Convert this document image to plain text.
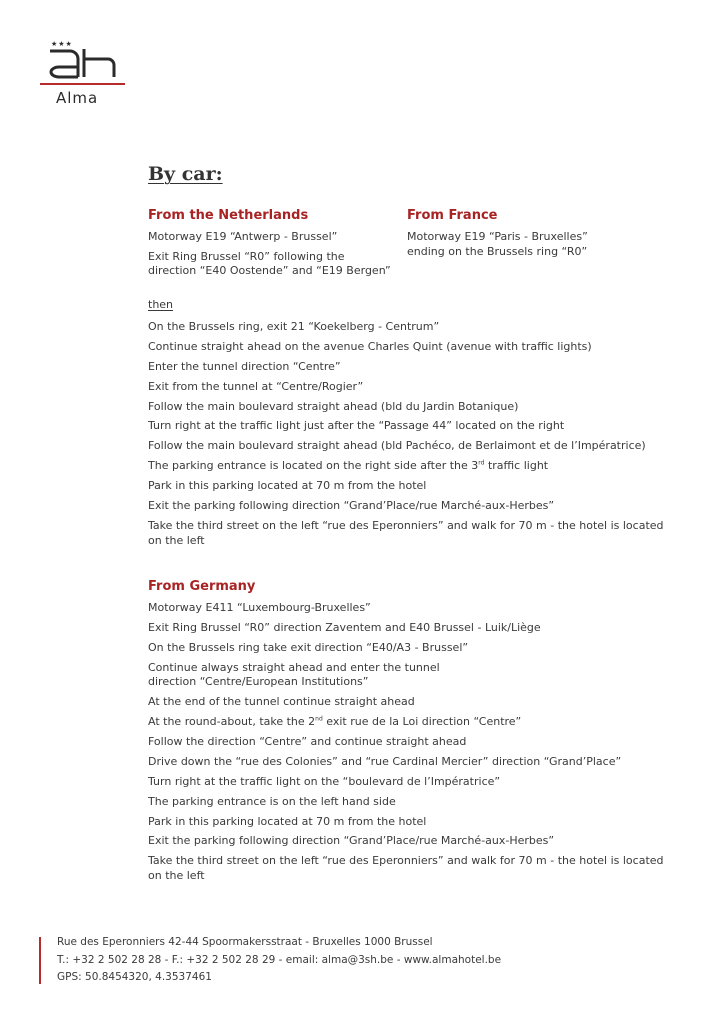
★★★
Alma
By car:
From the Netherlands
Motorway E19 “Antwerp - Brussel”
Exit Ring Brussel “R0” following the direction “E40 Oostende” and “E19 Bergen”
From France
Motorway E19 “Paris - Bruxelles” ending on the Brussels ring “R0”
then
On the Brussels ring, exit 21 “Koekelberg - Centrum”
Continue straight ahead on the avenue Charles Quint (avenue with traffic lights)
Enter the tunnel direction “Centre”
Exit from the tunnel at “Centre/Rogier”
Follow the main boulevard straight ahead (bld du Jardin Botanique)
Turn right at the traffic light just after the “Passage 44” located on the right
Follow the main boulevard straight ahead (bld Pachéco, de Berlaimont et de l’Impératrice)
The parking entrance is located on the right side after the 3rd traffic light
Park in this parking located at 70 m from the hotel
Exit the parking following direction “Grand’Place/rue Marché-aux-Herbes”
Take the third street on the left “rue des Eperonniers” and walk for 70 m - the hotel is located on the left
From Germany
Motorway E411 “Luxembourg-Bruxelles”
Exit Ring Brussel “R0” direction Zaventem and E40 Brussel - Luik/Liège
On the Brussels ring take exit direction “E40/A3 - Brussel”
Continue always straight ahead and enter the tunnel
direction “Centre/European Institutions”
At the end of the tunnel continue straight ahead
At the round-about, take the 2nd exit rue de la Loi direction “Centre”
Follow the direction “Centre” and continue straight ahead
Drive down the “rue des Colonies” and “rue Cardinal Mercier” direction “Grand’Place”
Turn right at the traffic light on the “boulevard de l’Impératrice”
The parking entrance is on the left hand side
Park in this parking located at 70 m from the hotel
Exit the parking following direction “Grand’Place/rue Marché-aux-Herbes”
Take the third street on the left “rue des Eperonniers” and walk for 70 m - the hotel is located on the left
Rue des Eperonniers 42-44 Spoormakersstraat - Bruxelles 1000 Brussel
T.: +32 2 502 28 28 - F.: +32 2 502 28 29 - email: alma@3sh.be - www.almahotel.be
GPS: 50.8454320, 4.3537461
